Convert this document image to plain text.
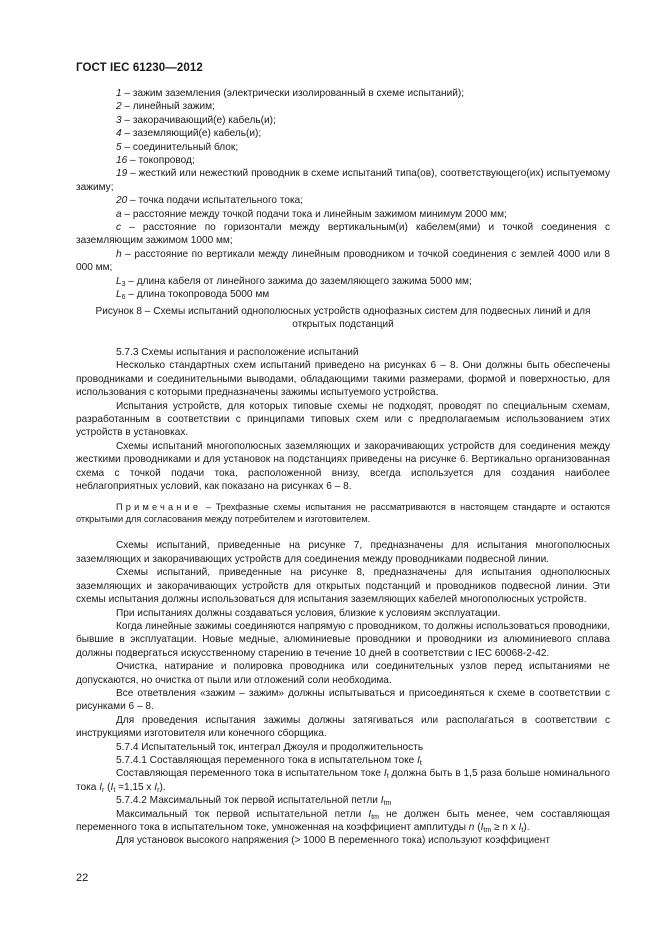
ГОСТ IEC 61230—2012

1 – зажим заземления (электрически изолированный в схеме испытаний);

2 – линейный зажим;

3 – закорачивающий(е) кабель(и);

4 – заземляющий(е) кабель(и);

5 – соединительный блок;

16 – токопровод;

19 – жесткий или нежесткий проводник в схеме испытаний типа(ов), соответствующего(их) испытуемому зажиму;

20 – точка подачи испытательного тока;

a – расстояние между точкой подачи тока и линейным зажимом минимум 2000 мм;

c – расстояние по горизонтали между вертикальным(и) кабелем(ями) и точкой соединения с заземляющим зажимом 1000 мм;

h – расстояние по вертикали между линейным проводником и точкой соединения с землей 4000 или 8 000 мм;

$L_3$ – длина кабеля от линейного зажима до заземляющего зажима 5000 мм;

$L_6$ – длина токопровода 5000 мм

Рисунок 8 – Схемы испытаний однополюсных устройств однофазных систем для подвесных линий и для открытых подстанций

5.7.3 Схемы испытания и расположение испытаний

Несколько стандартных схем испытаний приведено на рисунках 6 – 8. Они должны быть обеспечены проводниками и соединительными выводами, обладающими такими размерами, формой и поверхностью, для использования с которыми предназначены зажимы испытуемого устройства.

Испытания устройств, для которых типовые схемы не подходят, проводят по специальным схемам, разработанным в соответствии с принципами типовых схем или с предполагаемым использованием этих устройств в установках.

Схемы испытаний многополюсных заземляющих и закорачивающих устройств для соединения между жесткими проводниками и для установок на подстанциях приведены на рисунке 6. Вертикально организованная схема с точкой подачи тока, расположенной внизу, всегда используется для создания наиболее неблагоприятных условий, как показано на рисунках 6 – 8.

Примечание – Трехфазные схемы испытания не рассматриваются в настоящем стандарте и остаются открытыми для согласования между потребителем и изготовителем.

Схемы испытаний, приведенные на рисунке 7, предназначены для испытания многополюсных заземляющих и закорачивающих устройств для соединения между проводниками подвесной линии.

Схемы испытаний, приведенные на рисунке 8, предназначены для испытания однополюсных заземляющих и закорачивающих устройств для открытых подстанций и проводников подвесной линии. Эти схемы испытания должны использоваться для испытания заземляющих кабелей многополюсных устройств.

При испытаниях должны создаваться условия, близкие к условиям эксплуатации.

Когда линейные зажимы соединяются напрямую с проводником, то должны использоваться проводники, бывшие в эксплуатации. Новые медные, алюминиевые проводники и проводники из алюминиевого сплава должны подвергаться искусственному старению в течение 10 дней в соответствии с IEC 60068-2-42.

Очистка, натирание и полировка проводника или соединительных узлов перед испытаниями не допускаются, но очистка от пыли или отложений соли необходима.

Все ответвления «зажим – зажим» должны испытываться и присоединяться к схеме в соответствии с рисунками 6 – 8.

Для проведения испытания зажимы должны затягиваться или располагаться в соответствии с инструкциями изготовителя или конечного сборщика.

5.7.4 Испытательный ток, интеграл Джоуля и продолжительность

5.7.4.1 Составляющая переменного тока в испытательном токе $I_t$

Составляющая переменного тока в испытательном токе $I_t$ должна быть в 1,5 раза больше номинального тока $I_r$ ($I_t =1,15$ x $I_r$).

5.7.4.2 Максимальный ток первой испытательной петли $I_{tm}$

Максимальный ток первой испытательной петли $I_{tm}$ не должен быть менее, чем составляющая переменного тока в испытательном токе, умноженная на коэффициент амплитуды n ($I_{tm} \ge n$ x $I_t$).

Для установок высокого напряжения (> 1000 В переменного тока) используют коэффициент

22
